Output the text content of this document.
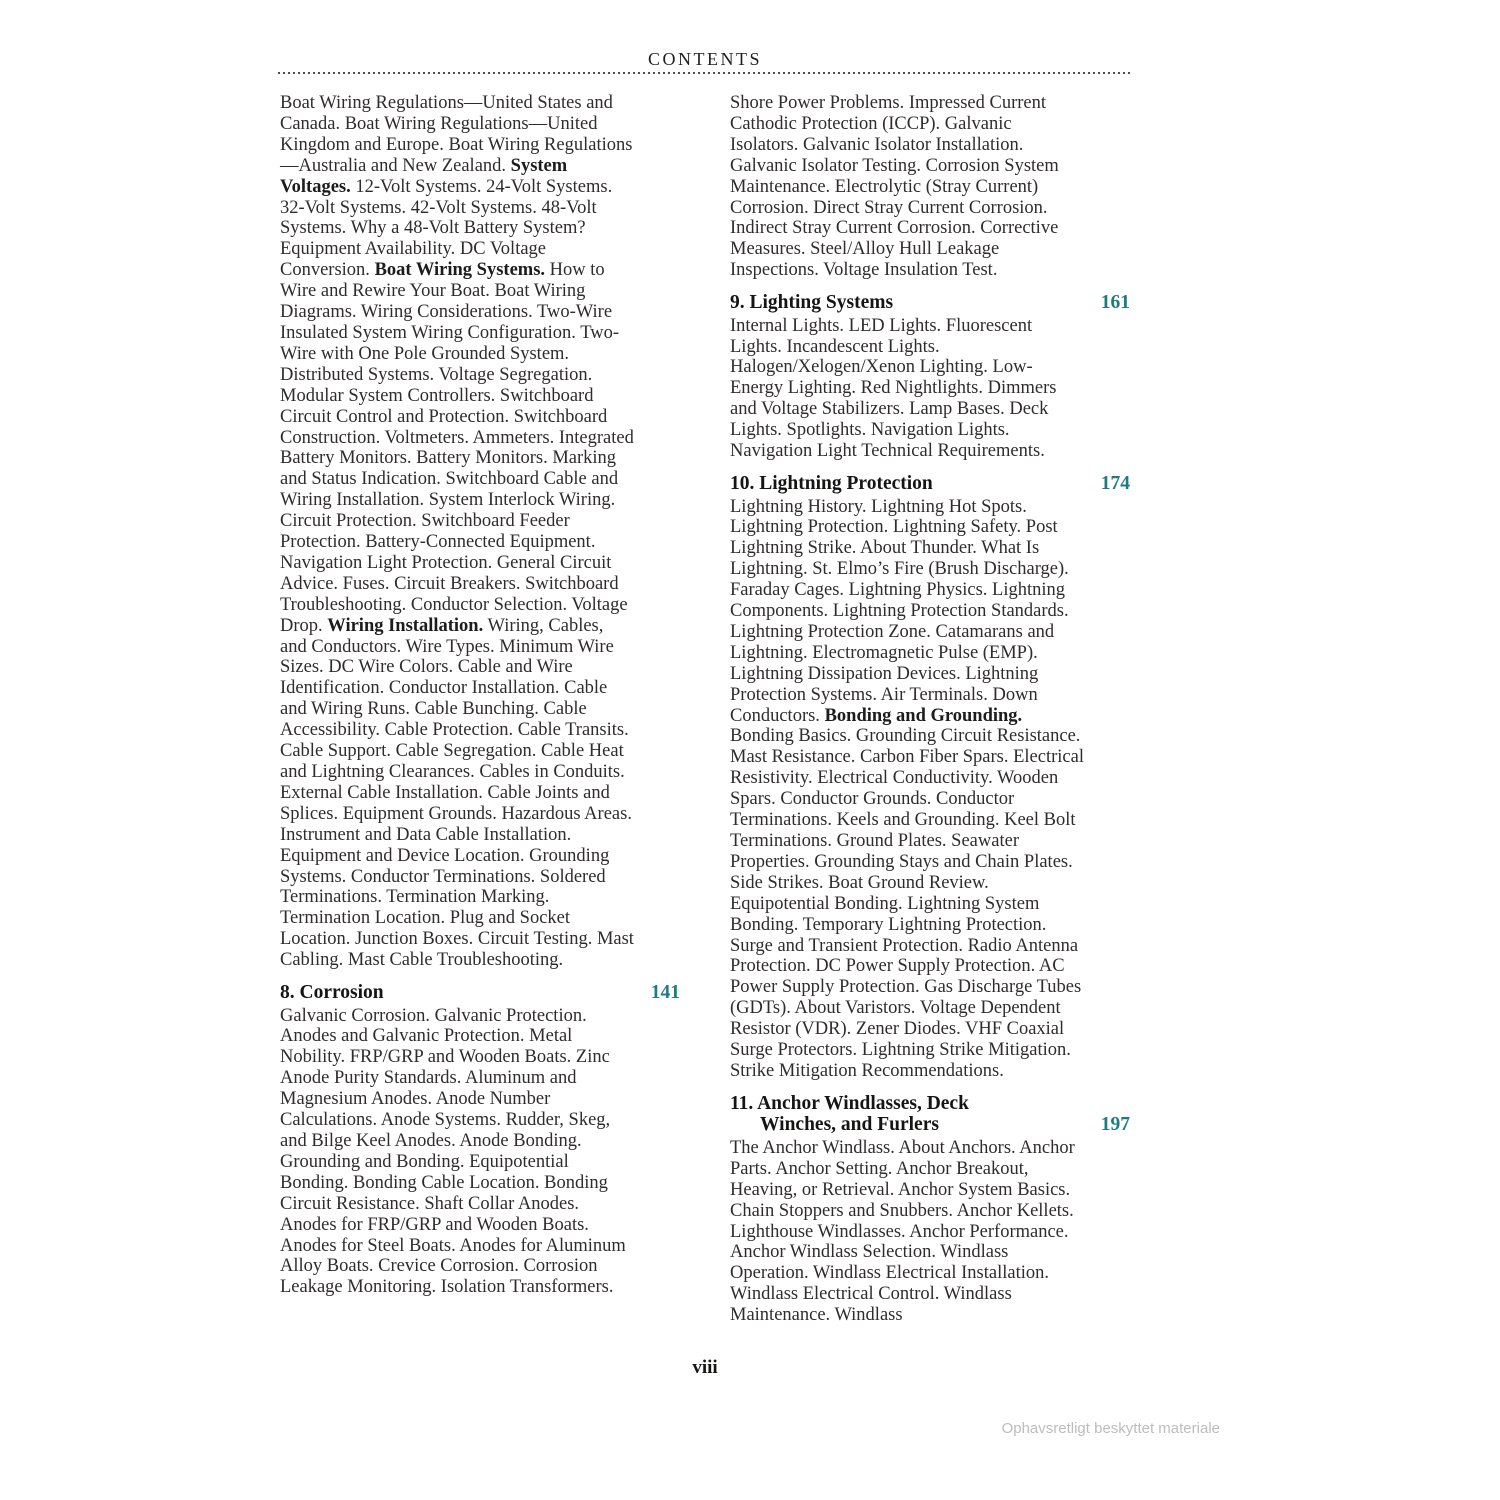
CONTENTS

Boat Wiring Regulations—United States and Canada. Boat Wiring Regulations—United Kingdom and Europe. Boat Wiring Regulations—Australia and New Zealand. System Voltages. 12-Volt Systems. 24-Volt Systems. 32-Volt Systems. 42-Volt Systems. 48-Volt Systems. Why a 48-Volt Battery System? Equipment Availability. DC Voltage Conversion. Boat Wiring Systems. How to Wire and Rewire Your Boat. Boat Wiring Diagrams. Wiring Considerations. Two-Wire Insulated System Wiring Configuration. Two-Wire with One Pole Grounded System. Distributed Systems. Voltage Segregation. Modular System Controllers. Switchboard Circuit Control and Protection. Switchboard Construction. Voltmeters. Ammeters. Integrated Battery Monitors. Battery Monitors. Marking and Status Indication. Switchboard Cable and Wiring Installation. System Interlock Wiring. Circuit Protection. Switchboard Feeder Protection. Battery-Connected Equipment. Navigation Light Protection. General Circuit Advice. Fuses. Circuit Breakers. Switchboard Troubleshooting. Conductor Selection. Voltage Drop. Wiring Installation. Wiring, Cables, and Conductors. Wire Types. Minimum Wire Sizes. DC Wire Colors. Cable and Wire Identification. Conductor Installation. Cable and Wiring Runs. Cable Bunching. Cable Accessibility. Cable Protection. Cable Transits. Cable Support. Cable Segregation. Cable Heat and Lightning Clearances. Cables in Conduits. External Cable Installation. Cable Joints and Splices. Equipment Grounds. Hazardous Areas. Instrument and Data Cable Installation. Equipment and Device Location. Grounding Systems. Conductor Terminations. Soldered Terminations. Termination Marking. Termination Location. Plug and Socket Location. Junction Boxes. Circuit Testing. Mast Cabling. Mast Cable Troubleshooting.

8. Corrosion	141

Galvanic Corrosion. Galvanic Protection. Anodes and Galvanic Protection. Metal Nobility. FRP/GRP and Wooden Boats. Zinc Anode Purity Standards. Aluminum and Magnesium Anodes. Anode Number Calculations. Anode Systems. Rudder, Skeg, and Bilge Keel Anodes. Anode Bonding. Grounding and Bonding. Equipotential Bonding. Bonding Cable Location. Bonding Circuit Resistance. Shaft Collar Anodes. Anodes for FRP/GRP and Wooden Boats. Anodes for Steel Boats. Anodes for Aluminum Alloy Boats. Crevice Corrosion. Corrosion Leakage Monitoring. Isolation Transformers.

Shore Power Problems. Impressed Current Cathodic Protection (ICCP). Galvanic Isolators. Galvanic Isolator Installation. Galvanic Isolator Testing. Corrosion System Maintenance. Electrolytic (Stray Current) Corrosion. Direct Stray Current Corrosion. Indirect Stray Current Corrosion. Corrective Measures. Steel/Alloy Hull Leakage Inspections. Voltage Insulation Test.

9. Lighting Systems	161

Internal Lights. LED Lights. Fluorescent Lights. Incandescent Lights. Halogen/Xelogen/Xenon Lighting. Low-Energy Lighting. Red Nightlights. Dimmers and Voltage Stabilizers. Lamp Bases. Deck Lights. Spotlights. Navigation Lights. Navigation Light Technical Requirements.

10. Lightning Protection	174

Lightning History. Lightning Hot Spots. Lightning Protection. Lightning Safety. Post Lightning Strike. About Thunder. What Is Lightning. St. Elmo’s Fire (Brush Discharge). Faraday Cages. Lightning Physics. Lightning Components. Lightning Protection Standards. Lightning Protection Zone. Catamarans and Lightning. Electromagnetic Pulse (EMP). Lightning Dissipation Devices. Lightning Protection Systems. Air Terminals. Down Conductors. Bonding and Grounding. Bonding Basics. Grounding Circuit Resistance. Mast Resistance. Carbon Fiber Spars. Electrical Resistivity. Electrical Conductivity. Wooden Spars. Conductor Grounds. Conductor Terminations. Keels and Grounding. Keel Bolt Terminations. Ground Plates. Seawater Properties. Grounding Stays and Chain Plates. Side Strikes. Boat Ground Review. Equipotential Bonding. Lightning System Bonding. Temporary Lightning Protection. Surge and Transient Protection. Radio Antenna Protection. DC Power Supply Protection. AC Power Supply Protection. Gas Discharge Tubes (GDTs). About Varistors. Voltage Dependent Resistor (VDR). Zener Diodes. VHF Coaxial Surge Protectors. Lightning Strike Mitigation. Strike Mitigation Recommendations.

11. Anchor Windlasses, Deck
Winches, and Furlers	197

The Anchor Windlass. About Anchors. Anchor Parts. Anchor Setting. Anchor Breakout, Heaving, or Retrieval. Anchor System Basics. Chain Stoppers and Snubbers. Anchor Kellets. Lighthouse Windlasses. Anchor Performance. Anchor Windlass Selection. Windlass Operation. Windlass Electrical Installation. Windlass Electrical Control. Windlass Maintenance. Windlass

viii
Ophavsretligt beskyttet materiale
